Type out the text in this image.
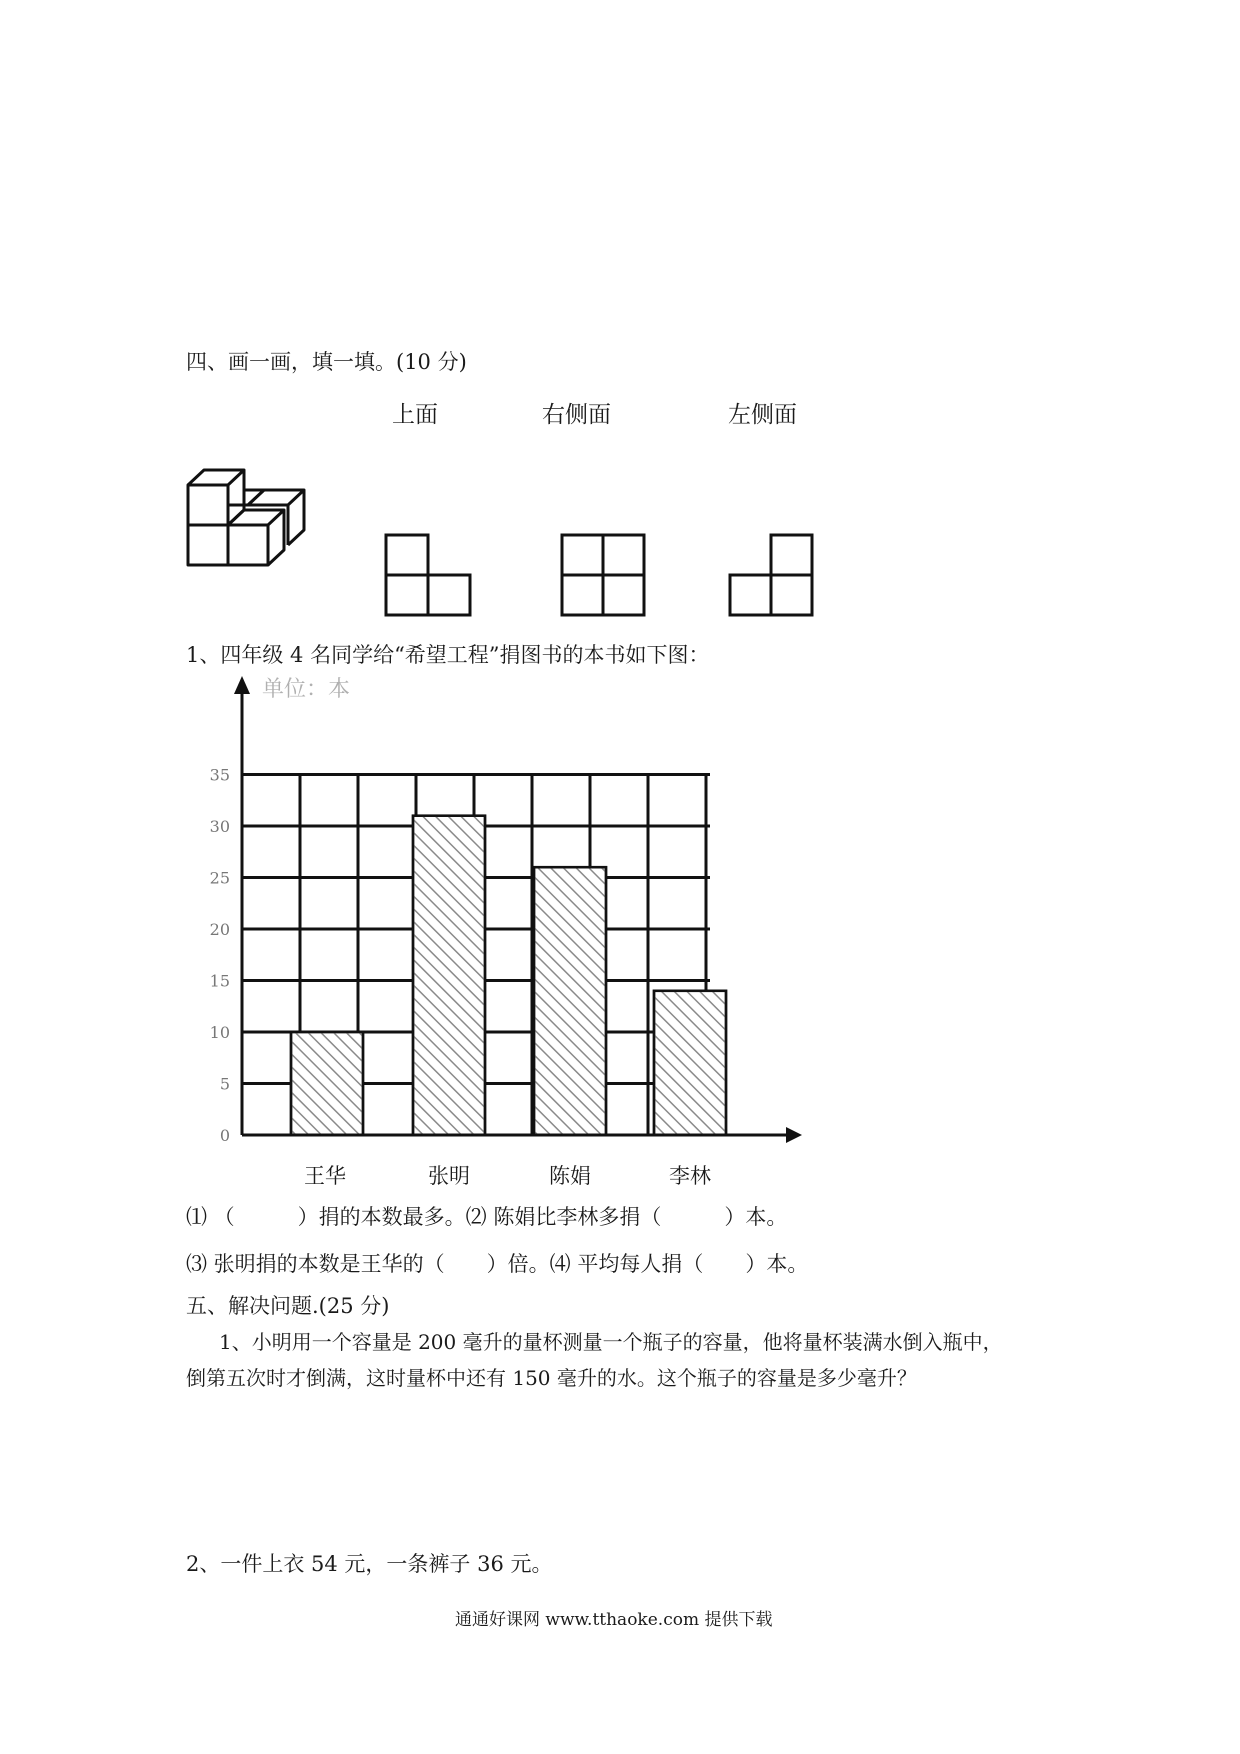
四、画一画，填一填。(10 分)
上面	右侧面	左侧面
1、四年级 4 名同学给“希望工程”捐图书的本书如下图：
0
5
10
15
20
25
30
35
单位：本
王华	张明	陈娟	李林
⑴ （　　　）捐的本数最多。⑵ 陈娟比李林多捐（　　　）本。
⑶ 张明捐的本数是王华的（　　）倍。⑷ 平均每人捐（　　）本。
五、解决问题.(25 分)
1、小明用一个容量是 200 毫升的量杯测量一个瓶子的容量，他将量杯装满水倒入瓶中，
倒第五次时才倒满，这时量杯中还有 150 毫升的水。这个瓶子的容量是多少毫升？
2、一件上衣 54 元，一条裤子 36 元。
通通好课网 www.tthaoke.com 提供下载
